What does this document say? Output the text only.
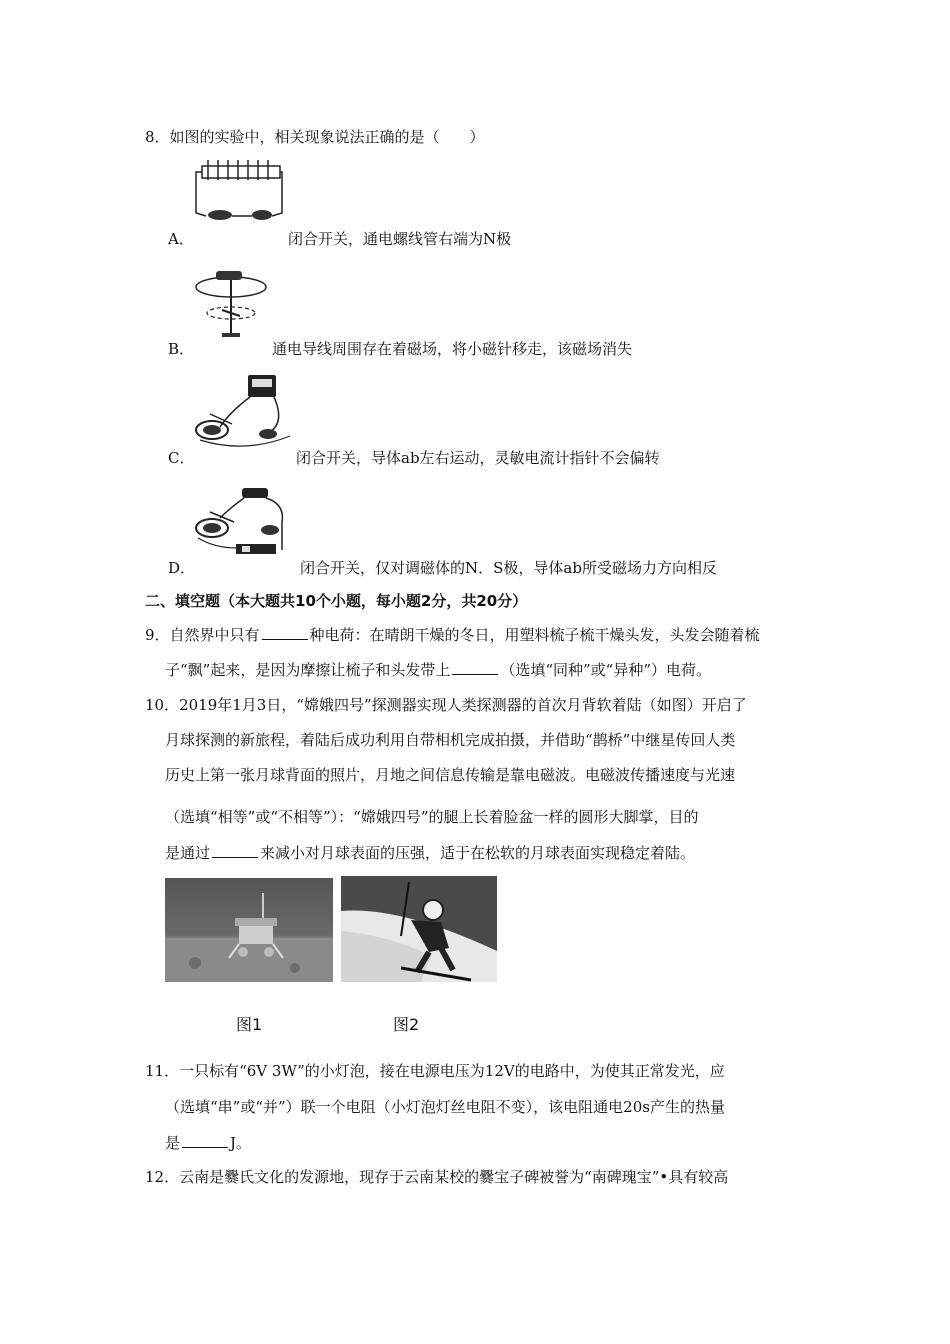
8．如图的实验中，相关现象说法正确的是（　　）
A．	闭合开关，通电螺线管右端为N极
B．	通电导线周围存在着磁场，将小磁针移走，该磁场消失
C．	闭合开关，导体ab左右运动，灵敏电流计指针不会偏转
D．	闭合开关，仅对调磁体的N．S极，导体ab所受磁场力方向相反
二、填空题（本大题共10个小题，每小题2分，共20分）
9．自然界中只有	种电荷：在晴朗干燥的冬日，用塑料梳子梳干燥头发，头发会随着梳
子“飘”起来，是因为摩擦让梳子和头发带上	（选填“同种”或“异种”）电荷。
10．2019年1月3日，“嫦娥四号”探测器实现人类探测器的首次月背软着陆（如图）开启了
月球探测的新旅程，着陆后成功利用自带相机完成拍摄，并借助“鹊桥”中继星传回人类
历史上第一张月球背面的照片，月地之间信息传输是靠电磁波。电磁波传播速度与光速
（选填“相等”或“不相等”）：“嫦娥四号”的腿上长着脸盆一样的圆形大脚掌，目的
是通过	来减小对月球表面的压强，适于在松软的月球表面实现稳定着陆。
图1	图2
11．一只标有“6V 3W”的小灯泡，接在电源电压为12V的电路中，为使其正常发光，应
（选填“串”或“并”）联一个电阻（小灯泡灯丝电阻不变），该电阻通电20s产生的热量
是	J。
12．云南是爨氏文化的发源地，现存于云南某校的爨宝子碑被誉为“南碑瑰宝”•具有较高
